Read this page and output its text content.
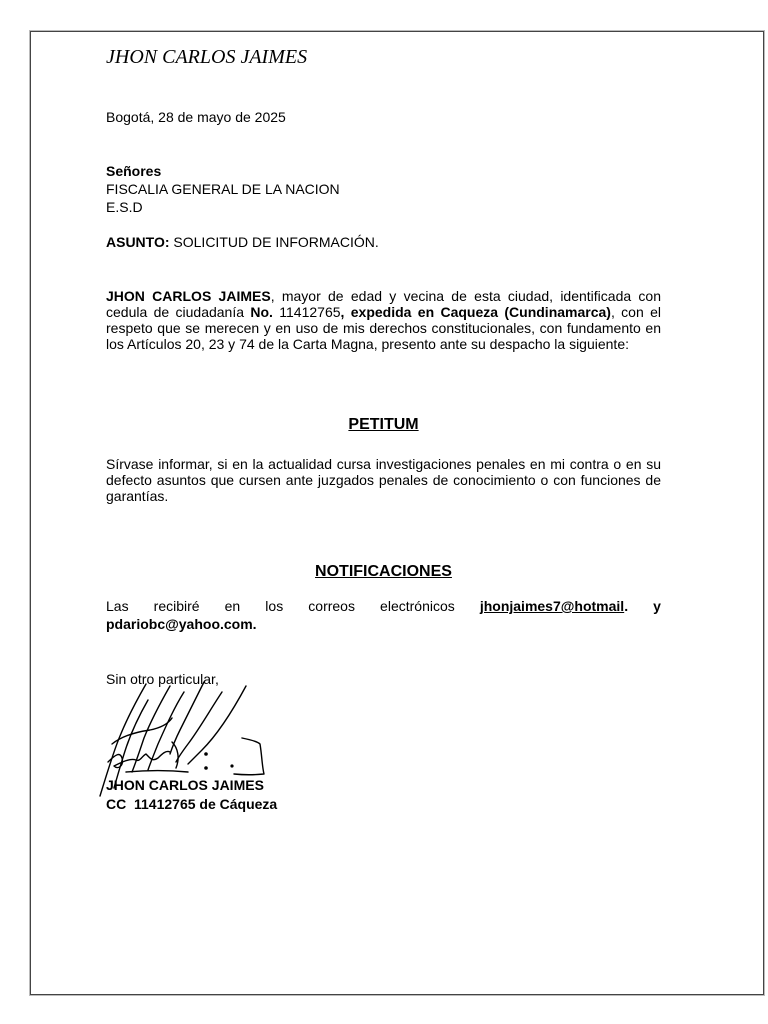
JHON CARLOS JAIMES
Bogotá, 28 de mayo de 2025
Señores
FISCALIA GENERAL DE LA NACION
E.S.D
ASUNTO: SOLICITUD DE INFORMACIÓN.
JHON CARLOS JAIMES, mayor de edad y vecina de esta ciudad, identificada con cedula de ciudadanía No. 11412765, expedida en Caqueza (Cundinamarca), con el respeto que se merecen y en uso de mis derechos constitucionales, con fundamento en los Artículos 20, 23 y 74 de la Carta Magna, presento ante su despacho la siguiente:
PETITUM
Sírvase informar, si en la actualidad cursa investigaciones penales en mi contra o en su defecto asuntos que cursen ante juzgados penales de conocimiento o con funciones de garantías.
NOTIFICACIONES
Las recibiré en los correos electrónicos jhonjaimes7@hotmail. y
pdariobc@yahoo.com.
Sin otro particular,
JHON CARLOS JAIMES
CC  11412765 de Cáqueza
